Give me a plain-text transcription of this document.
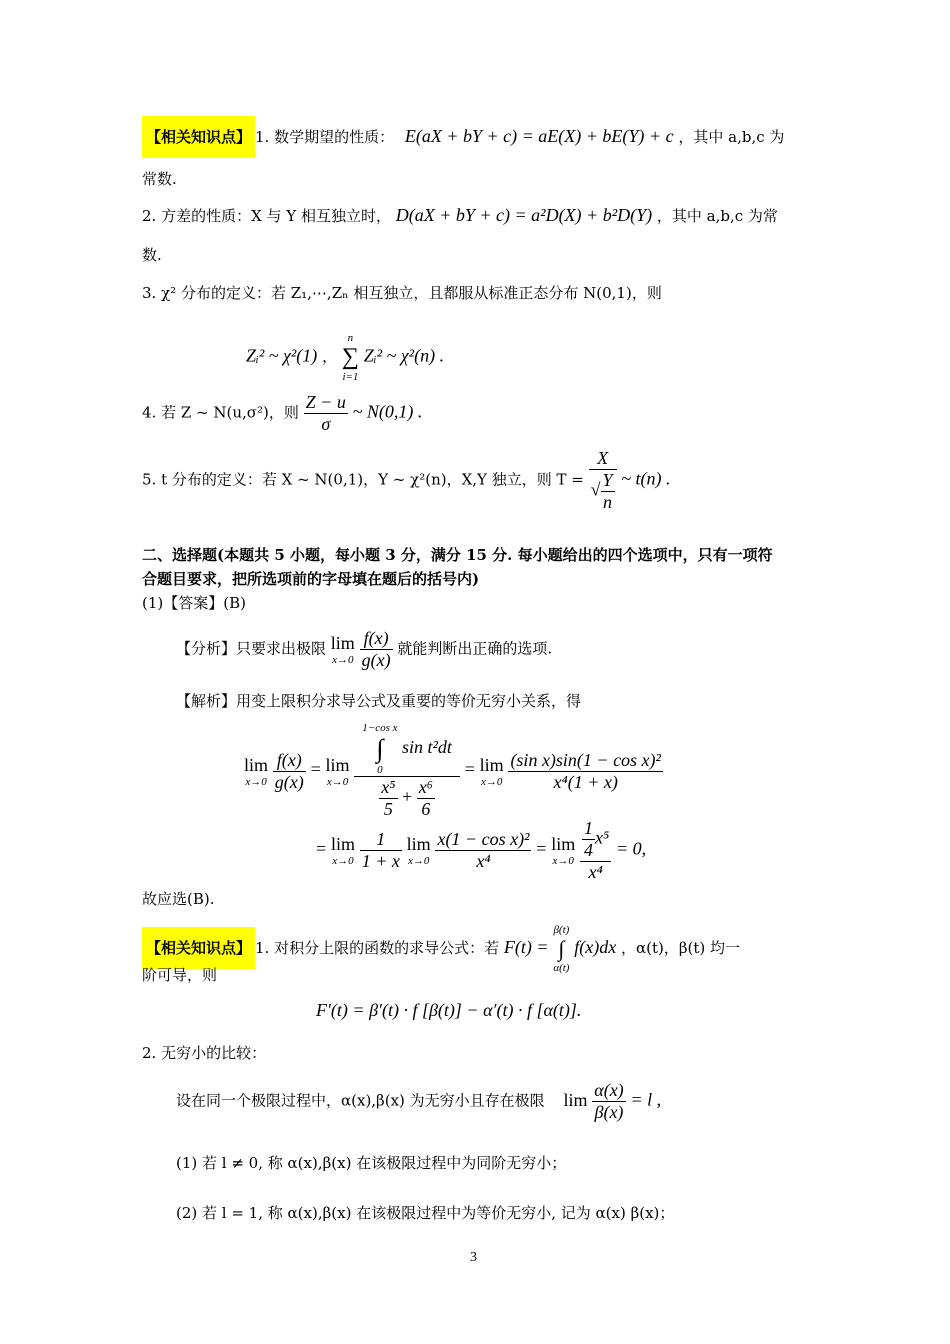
【相关知识点】 1. 数学期望的性质： E(aX + bY + c) = aE(X) + bE(Y) + c ，其中 a,b,c 为
常数.
2. 方差的性质：X 与 Y 相互独立时， D(aX + bY + c) = a²D(X) + b²D(Y) ，其中 a,b,c 为常
数.
3. χ² 分布的定义：若 Z₁,⋯,Zₙ 相互独立，且都服从标准正态分布 N(0,1)，则
Zᵢ² ~ χ²(1) ，
n
∑
i=1
Zᵢ² ~ χ²(n) .
4. 若 Z ~ N(u,σ²)，则 $\frac{Z - u}{\sigma}$ ~ N(0,1) .
5. t 分布的定义：若 X ~ N(0,1)，Y ~ χ²(n)，X,Y 独立，则 $T = \frac{X}{√ \frac{Y}{n}}$ ~ t(n) .
二、选择题(本题共 5 小题，每小题 3 分，满分 15 分. 每小题给出的四个选项中，只有一项符
合题目要求，把所选项前的字母填在题后的括号内)
(1)【答案】(B)
【分析】只要求出极限 lim
x→0
$\frac{f(x)}{g(x)}$ 就能判断出正确的选项.
【解析】用变上限积分求导公式及重要的等价无穷小关系，得
lim
x→0
$\frac{f(x)}{g(x)} = \lim$
x→0
1−cos x
∫
0
sin t²dt
$\frac{\text{x⁵}}{5} + \frac{\text{x⁶}}{6} = \lim$
x→0
$\frac{\text{(sin x)sin(1 − cos x)²}}{\text{x⁴(1 + x)}}$
= lim
x→0
$\frac{1}{1 + x}$
lim
x→0
$\frac{\text{x(1 − cos x)²}}{\text{x⁴}} = \lim$
x→0
$\frac{\frac{1}{4} x^5}{\text{x⁴}} = 0$,
故应选(B).
【相关知识点】 1. 对积分上限的函数的求导公式：若 F(t) =
β(t)
∫
α(t)
f(x)dx ，α(t)，β(t) 均一
阶可导，则
F′(t) = β′(t) · f [β(t)] − α′(t) · f [α(t)].
2. 无穷小的比较：
设在同一个极限过程中，α(x),β(x) 为无穷小且存在极限 $\lim \frac{\alpha(x)}{\beta(x)} = l$ ,
(1) 若 l ≠ 0, 称 α(x),β(x) 在该极限过程中为同阶无穷小；
(2) 若 l = 1, 称 α(x),β(x) 在该极限过程中为等价无穷小, 记为 α(x) β(x)；
3
